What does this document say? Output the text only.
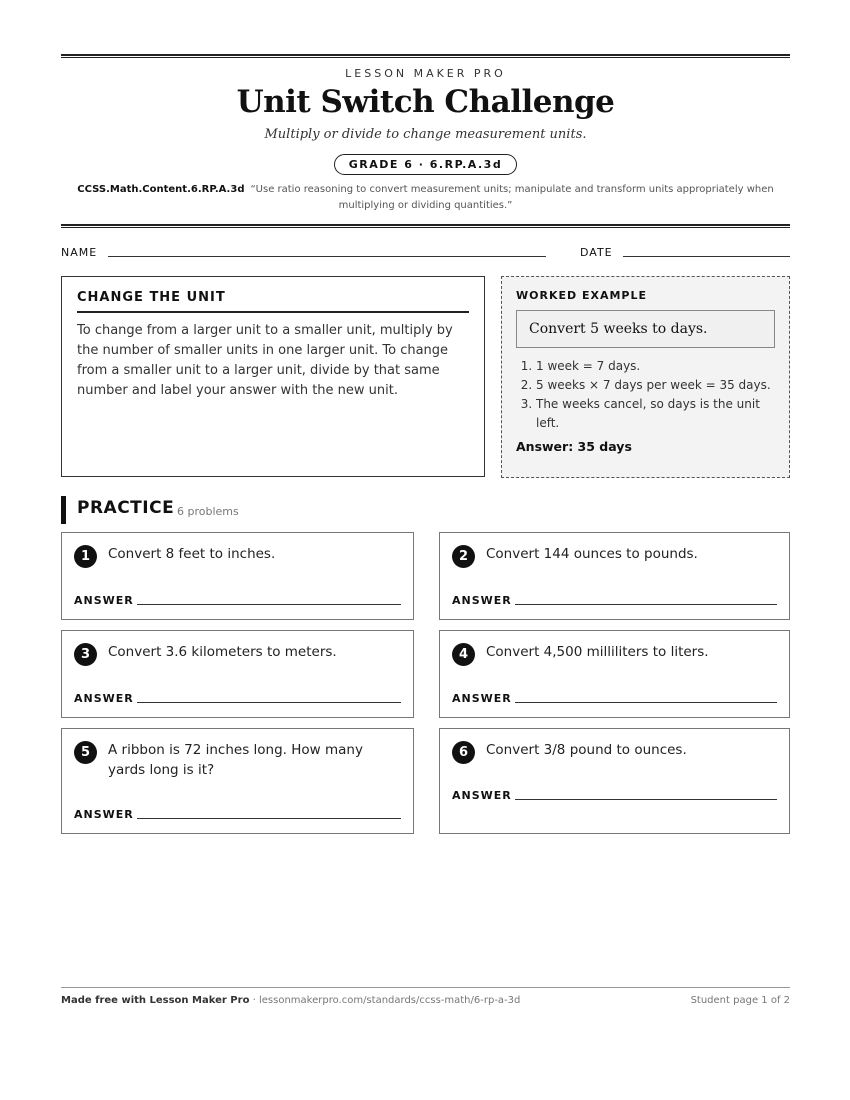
LESSON MAKER PRO
Unit Switch Challenge
Multiply or divide to change measurement units.
GRADE 6 · 6.RP.A.3d
CCSS.Math.Content.6.RP.A.3d “Use ratio reasoning to convert measurement units; manipulate and transform units appropriately when multiplying or dividing quantities.”
NAME	DATE
CHANGE THE UNIT
To change from a larger unit to a smaller unit, multiply by the number of smaller units in one larger unit. To change from a smaller unit to a larger unit, divide by that same number and label your answer with the new unit.
WORKED EXAMPLE
Convert 5 weeks to days.
1. 1 week = 7 days.
2. 5 weeks × 7 days per week = 35 days.
3. The weeks cancel, so days is the unit left.
Answer: 35 days
PRACTICE 6 problems
1	Convert 8 feet to inches.
ANSWER
2	Convert 144 ounces to pounds.
ANSWER
3	Convert 3.6 kilometers to meters.
ANSWER
4	Convert 4,500 milliliters to liters.
ANSWER
5	A ribbon is 72 inches long. How many yards long is it?
ANSWER
6	Convert 3/8 pound to ounces.
ANSWER
Made free with Lesson Maker Pro · lessonmakerpro.com/standards/ccss-math/6-rp-a-3d	Student page 1 of 2
